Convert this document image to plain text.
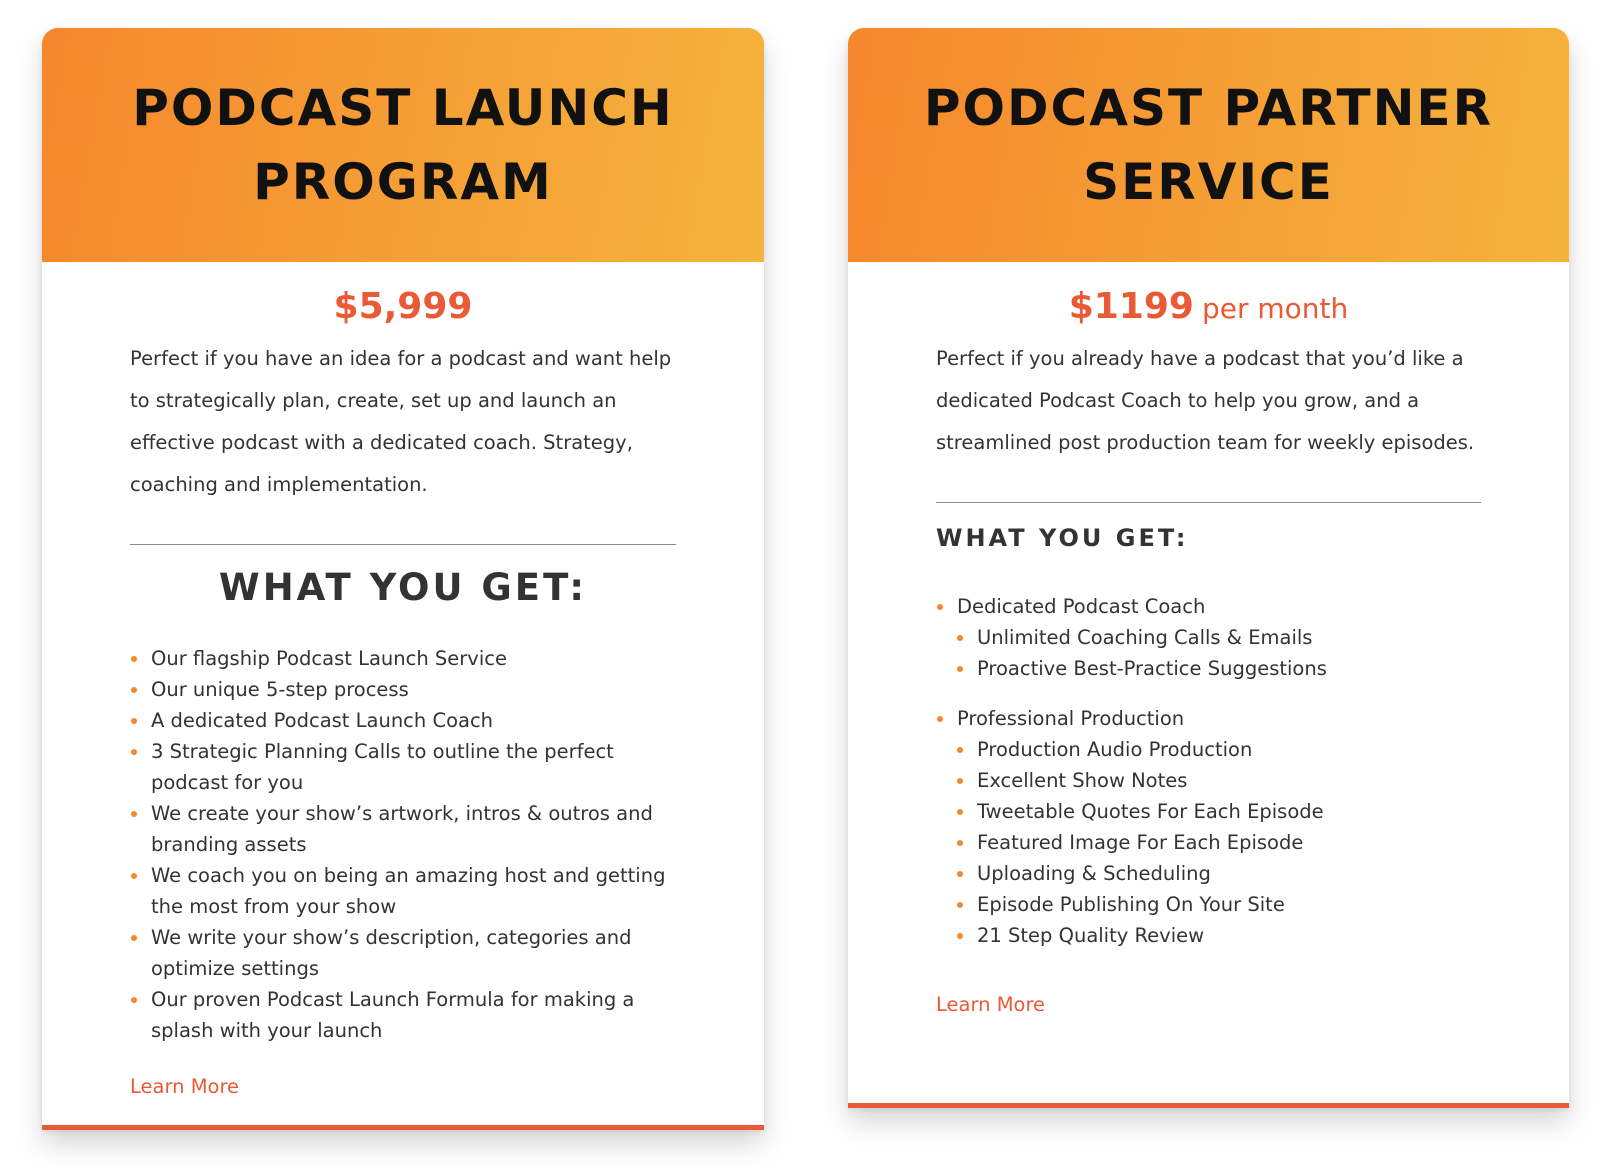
PODCAST LAUNCH
PROGRAM
$5,999

Perfect if you have an idea for a podcast and want help to strategically plan, create, set up and launch an effective podcast with a dedicated coach. Strategy, coaching and implementation.

WHAT YOU GET:
Our flagship Podcast Launch Service
Our unique 5-step process
A dedicated Podcast Launch Coach
3 Strategic Planning Calls to outline the perfect podcast for you
We create your show’s artwork, intros & outros and branding assets
We coach you on being an amazing host and getting the most from your show
We write your show’s description, categories and optimize settings
Our proven Podcast Launch Formula for making a splash with your launch
Learn More
PODCAST PARTNER
SERVICE
$1199 per month

Perfect if you already have a podcast that you’d like a dedicated Podcast Coach to help you grow, and a streamlined post production team for weekly episodes.

WHAT YOU GET:
Dedicated Podcast Coach
Unlimited Coaching Calls & Emails
Proactive Best-Practice Suggestions
Professional Production
Production Audio Production
Excellent Show Notes
Tweetable Quotes For Each Episode
Featured Image For Each Episode
Uploading & Scheduling
Episode Publishing On Your Site
21 Step Quality Review
Learn More
